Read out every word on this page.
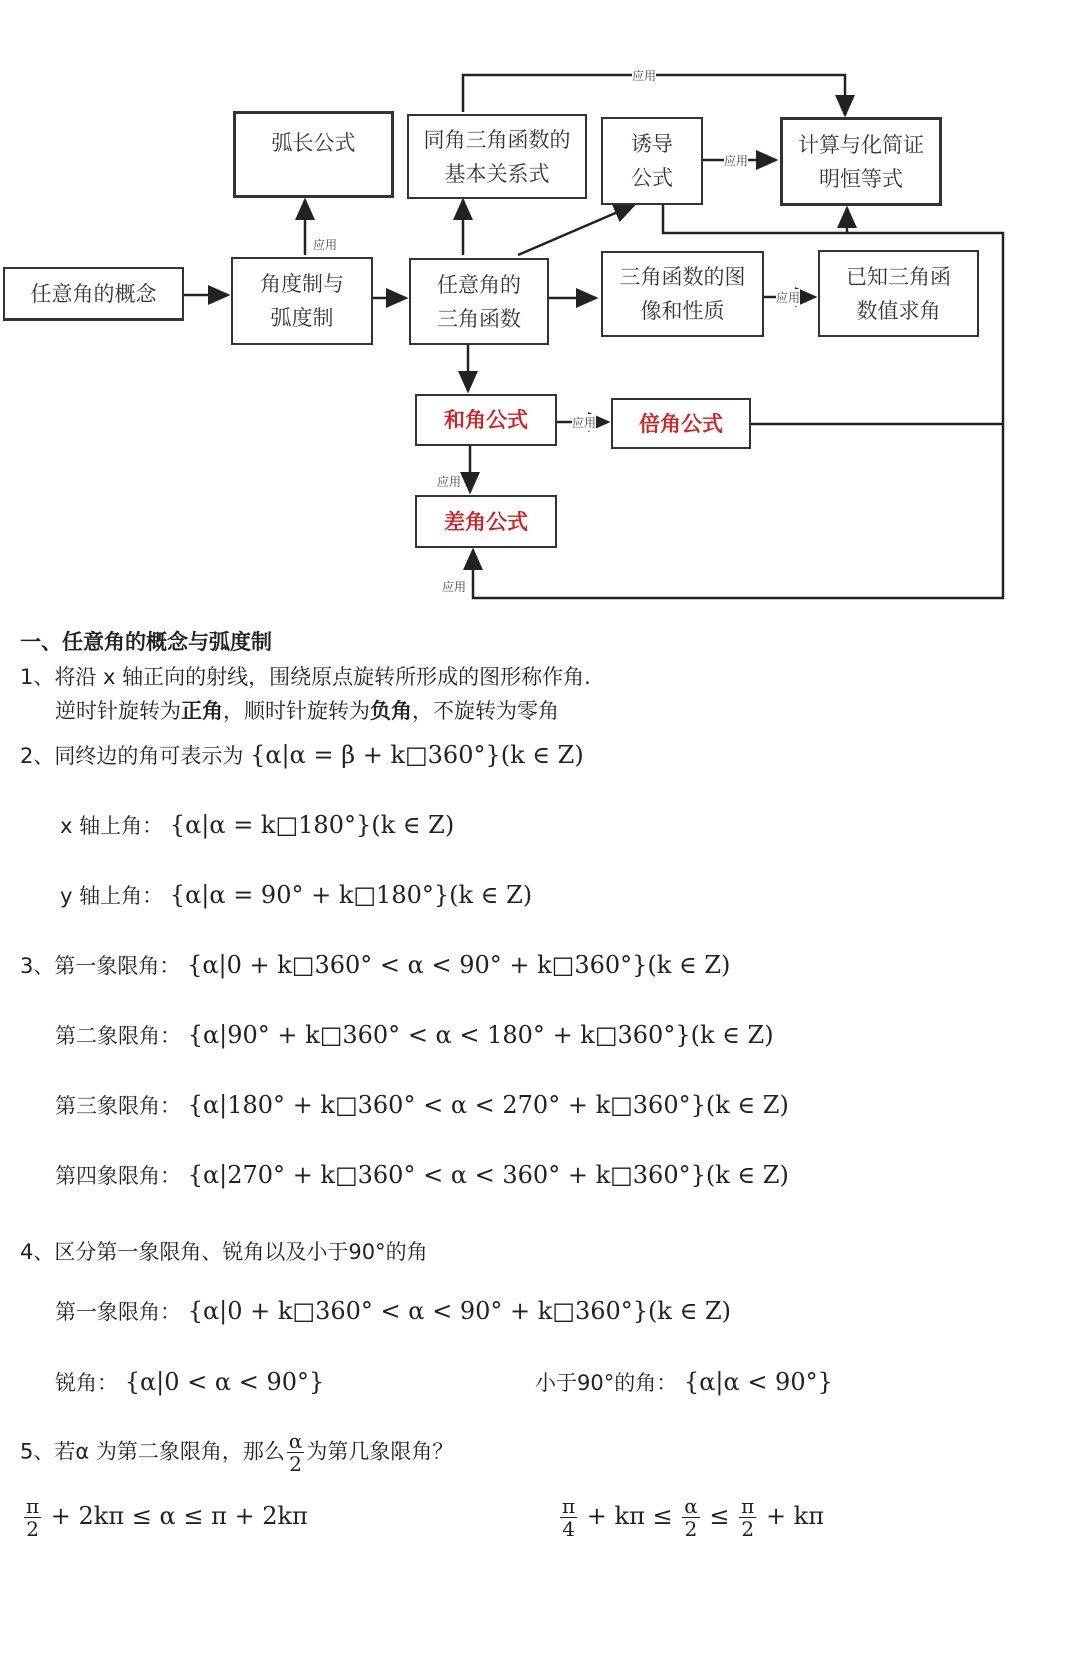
应用
应用
应用
应用
应用
应用
应用
弧长公式	同角三角函数的基本关系式
诱导公式
计算与化简证明恒等式
任意角的概念	角度制与弧度制
任意角的三角函数
三角函数的图像和性质
已知三角函数值求角
和角公式	倍角公式
差角公式
一、任意角的概念与弧度制
1、将沿 x 轴正向的射线，围绕原点旋转所形成的图形称作角.
逆时针旋转为正角，顺时针旋转为负角，不旋转为零角
2、同终边的角可表示为 {α|α = β + k□360°}(k ∈ Z)
x 轴上角： {α|α = k□180°}(k ∈ Z)
y 轴上角： {α|α = 90° + k□180°}(k ∈ Z)
3、第一象限角： {α|0 + k□360° < α < 90° + k□360°}(k ∈ Z)
第二象限角： {α|90° + k□360° < α < 180° + k□360°}(k ∈ Z)
第三象限角： {α|180° + k□360° < α < 270° + k□360°}(k ∈ Z)
第四象限角： {α|270° + k□360° < α < 360° + k□360°}(k ∈ Z)
4、区分第一象限角、锐角以及小于90°的角
第一象限角： {α|0 + k□360° < α < 90° + k□360°}(k ∈ Z)
锐角： {α|0 < α < 90°}	小于90°的角： {α|α < 90°}
5、若α 为第二象限角，那么 $\frac{\alpha}{2}$ 为第几象限角？
$\frac{\pi}{2} + 2k\pi \le \alpha \le \pi + 2k\pi$	$\frac{\pi}{4} + k\pi \le \frac{\alpha}{2} \le \frac{\pi}{2} + k\pi$
